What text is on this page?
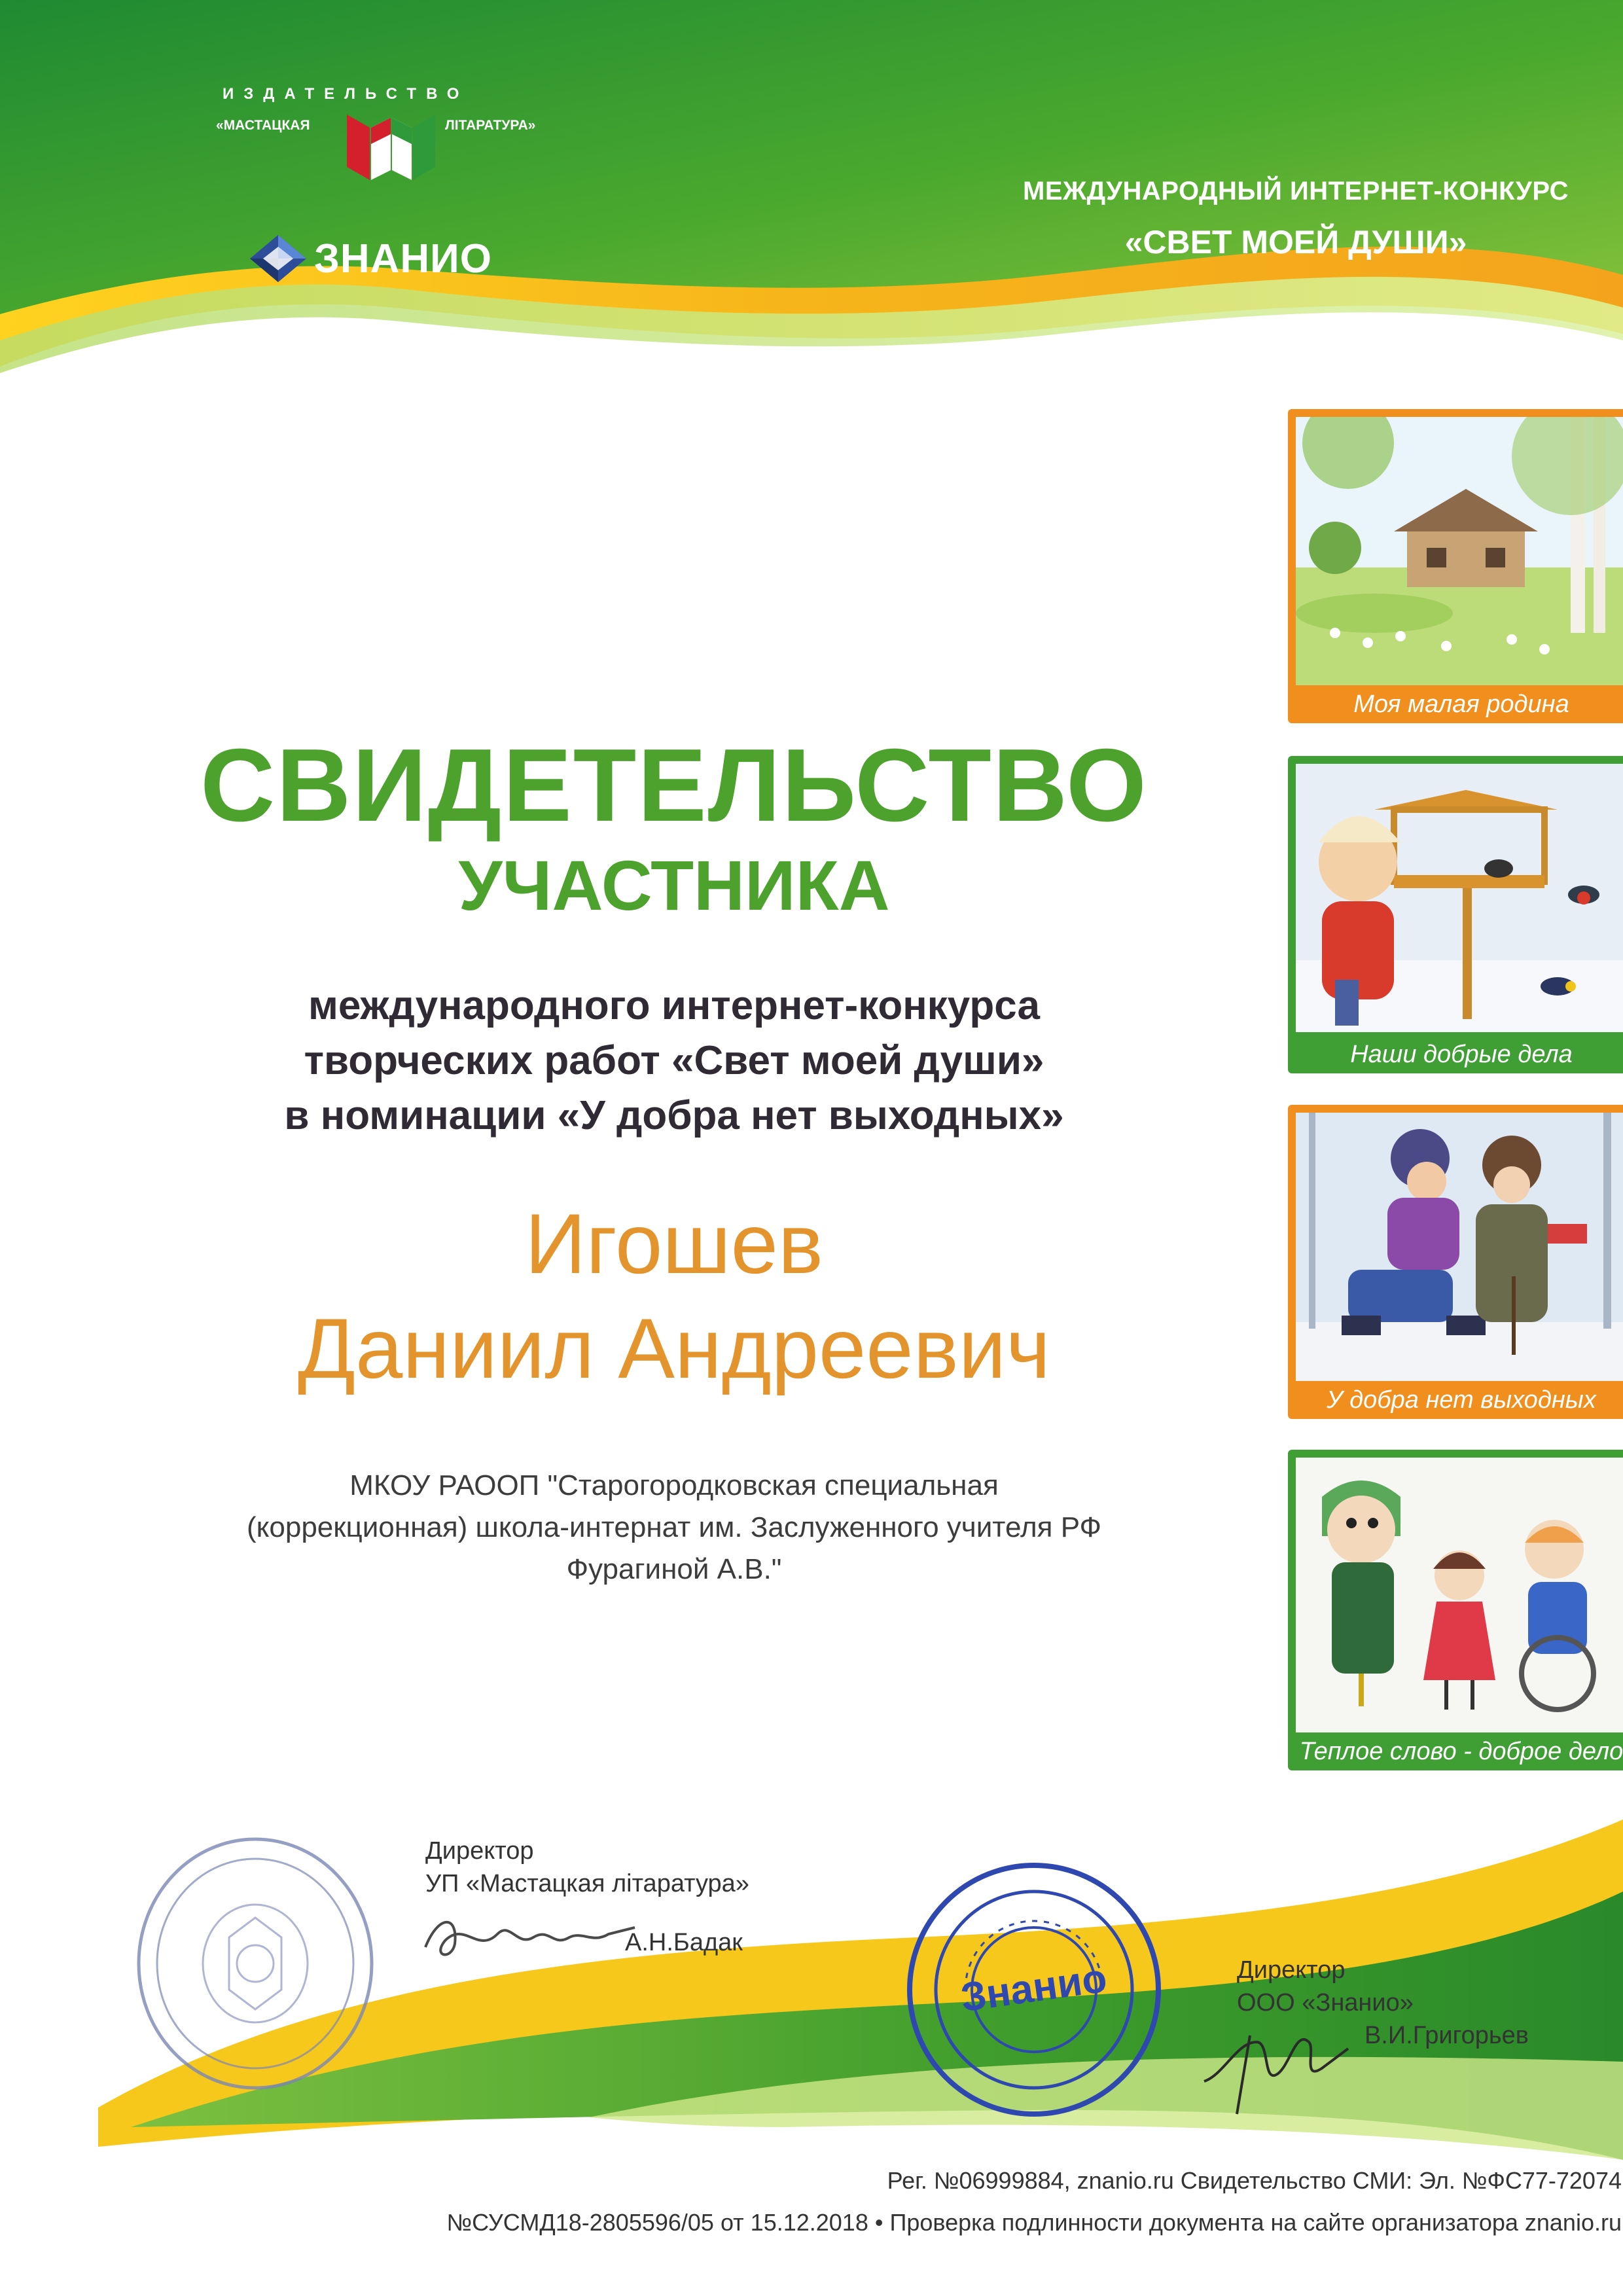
ИЗДАТЕЛЬСТВО
«МАСТАЦКАЯ	ЛІТАРАТУРА»
ЗНАНИО
МЕЖДУНАРОДНЫЙ ИНТЕРНЕТ-КОНКУРС
«СВЕТ МОЕЙ ДУШИ»
СВИДЕТЕЛЬСТВО
УЧАСТНИКА
международного интернет-конкурса
творческих работ «Свет моей души»
в номинации «У добра нет выходных»
Игошев
Даниил Андреевич
МКОУ РАООП "Старогородковская специальная
(коррекционная) школа-интернат им. Заслуженного учителя РФ
Фурагиной А.В."
Моя малая родина
Наши добрые дела
У добра нет выходных
Теплое слово - доброе дело
Директор
УП «Мастацкая літаратура»
А.Н.Бадак
Знанио	Директор
ООО «Знанио»
В.И.Григорьев
Рег. №06999884, znanio.ru Свидетельство СМИ: Эл. №ФС77-72074
№СУСМД18-2805596/05 от 15.12.2018 • Проверка подлинности документа на сайте организатора znanio.ru
